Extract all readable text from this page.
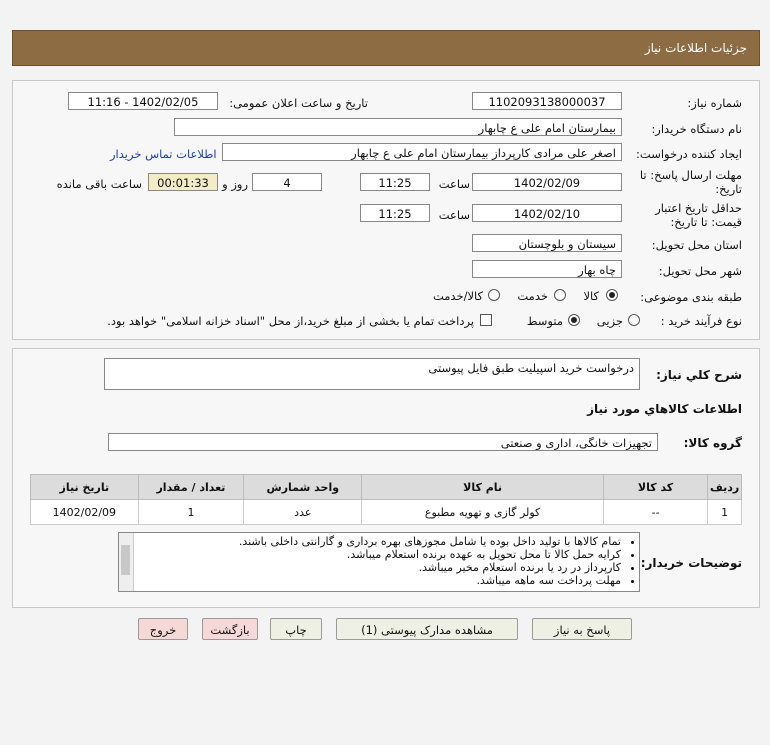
جزئیات اطلاعات نیاز
شماره نیاز:
1102093138000037
تاریخ و ساعت اعلان عمومی:
1402/02/05 - 11:16
نام دستگاه خریدار:
بیمارستان امام علی ع چابهار
ایجاد کننده درخواست:
اصغر علی مرادی کارپرداز بیمارستان امام علی ع چابهار
اطلاعات تماس خریدار
مهلت ارسال پاسخ: تا
تاریخ:
1402/02/09
ساعت
11:25
4
روز و
00:01:33
ساعت باقی مانده
حداقل تاریخ اعتبار
قیمت: تا تاریخ:
1402/02/10
ساعت
11:25
استان محل تحویل:
سیستان و بلوچستان
شهر محل تحویل:
چاه بهار
طبقه بندی موضوعی:
کالا
خدمت
کالا/خدمت
نوع فرآیند خرید :
جزیی
متوسط
پرداخت تمام یا بخشی از مبلغ خرید،از محل "اسناد خزانه اسلامی" خواهد بود.
شرح کلي نياز:
درخواست خرید اسپیلیت طبق فایل پیوستی
اطلاعات کالاهاي مورد نياز
گروه کالا:
تجهیزات خانگی، اداری و صنعتی
ردیف	کد کالا	نام کالا	واحد شمارش	تعداد / مقدار	تاریخ نیاز
1	--	کولر گازی و تهویه مطبوع	عدد	1	1402/02/09
توضیحات خریدار:
• تمام کالاها با تولید داخل بوده یا شامل مجوزهای بهره برداری و گارانتی داخلی باشند.
• کرایه حمل کالا تا محل تحویل به عهده برنده استعلام میباشد.
• کارپرداز در رد یا برنده استعلام مخیر میباشد.
• مهلت پرداخت سه ماهه میباشد.
پاسخ به نیاز
مشاهده مدارک پیوستی (1)
چاپ
بازگشت
خروج
